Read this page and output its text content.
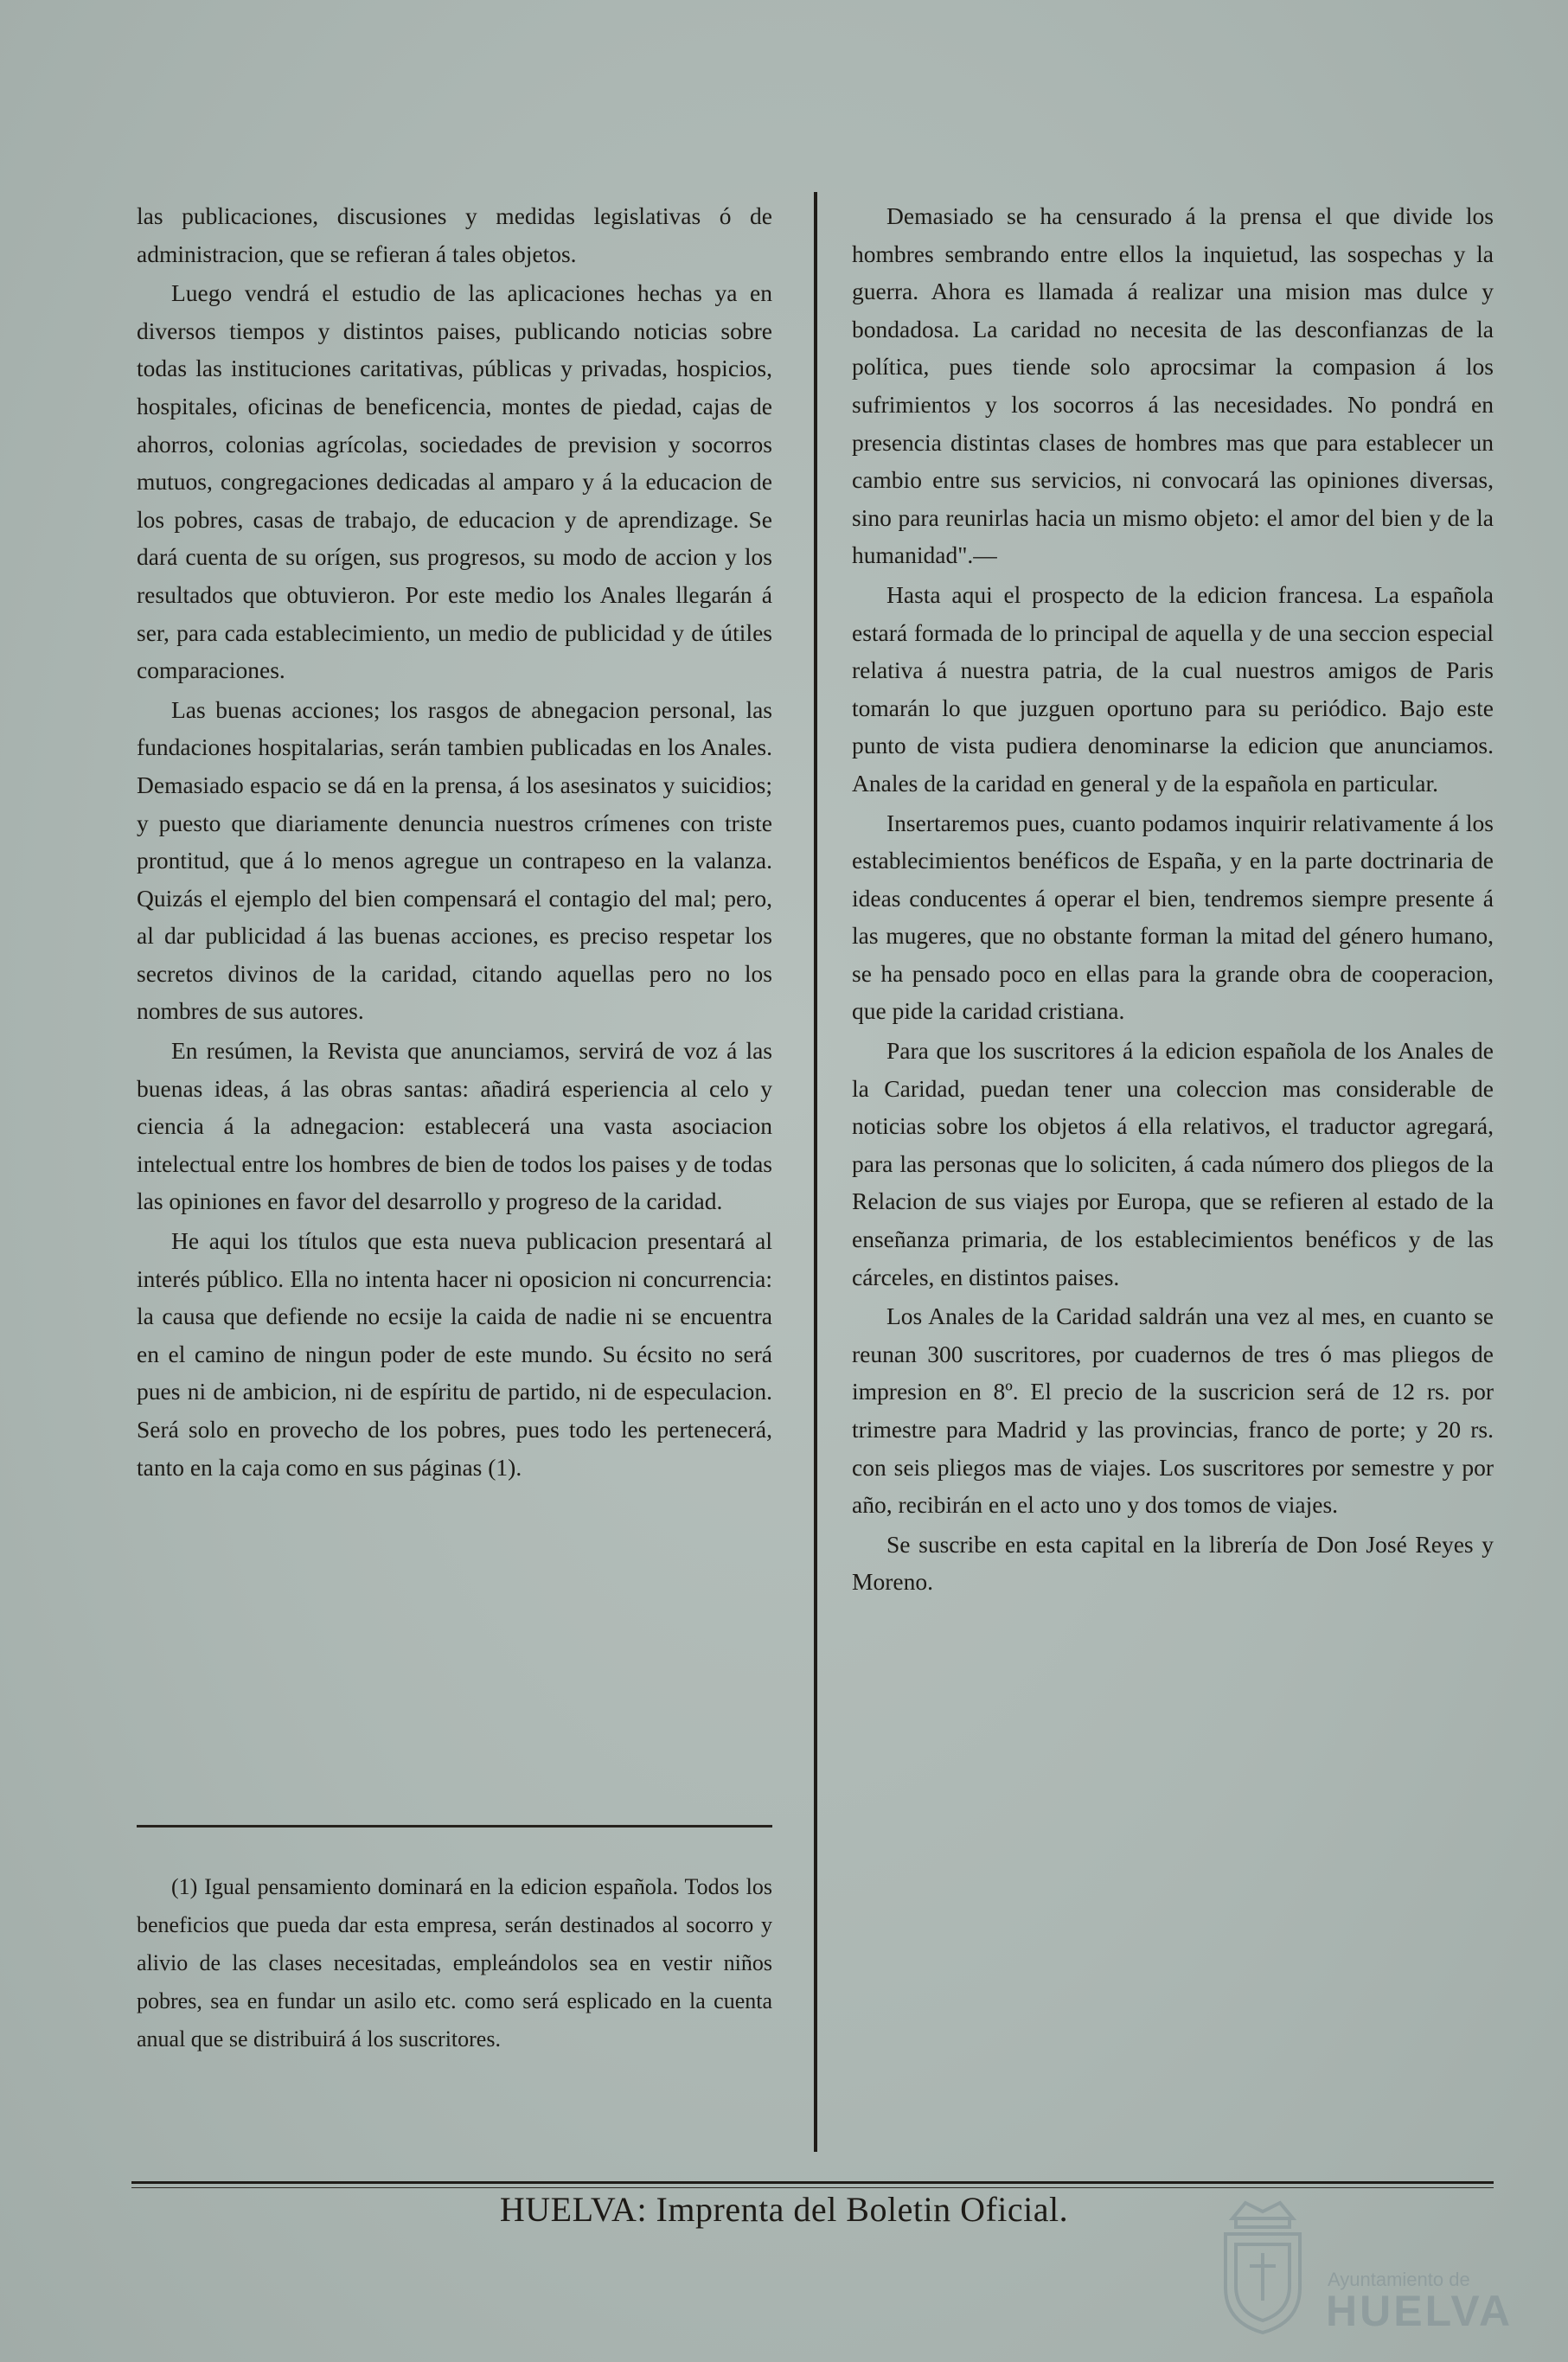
las publicaciones, discusiones y medidas legislativas ó de administracion, que se refieran á tales objetos.

Luego vendrá el estudio de las aplicaciones hechas ya en diversos tiempos y distintos paises, publicando noticias sobre todas las instituciones caritativas, públicas y privadas, hospicios, hospitales, oficinas de beneficencia, montes de piedad, cajas de ahorros, colonias agrícolas, sociedades de prevision y socorros mutuos, congregaciones dedicadas al amparo y á la educacion de los pobres, casas de trabajo, de educacion y de aprendizage. Se dará cuenta de su orígen, sus progresos, su modo de accion y los resultados que obtuvieron. Por este medio los Anales llegarán á ser, para cada establecimiento, un medio de publicidad y de útiles comparaciones.

Las buenas acciones; los rasgos de abnegacion personal, las fundaciones hospitalarias, serán tambien publicadas en los Anales. Demasiado espacio se dá en la prensa, á los asesinatos y suicidios; y puesto que diariamente denuncia nuestros crímenes con triste prontitud, que á lo menos agregue un contrapeso en la valanza. Quizás el ejemplo del bien compensará el contagio del mal; pero, al dar publicidad á las buenas acciones, es preciso respetar los secretos divinos de la caridad, citando aquellas pero no los nombres de sus autores.

En resúmen, la Revista que anunciamos, servirá de voz á las buenas ideas, á las obras santas: añadirá esperiencia al celo y ciencia á la adnegacion: establecerá una vasta asociacion intelectual entre los hombres de bien de todos los paises y de todas las opiniones en favor del desarrollo y progreso de la caridad.

He aqui los títulos que esta nueva publicacion presentará al interés público. Ella no intenta hacer ni oposicion ni concurrencia: la causa que defiende no ecsije la caida de nadie ni se encuentra en el camino de ningun poder de este mundo. Su écsito no será pues ni de ambicion, ni de espíritu de partido, ni de especulacion. Será solo en provecho de los pobres, pues todo les pertenecerá, tanto en la caja como en sus páginas (1).

(1) Igual pensamiento dominará en la edicion española. Todos los beneficios que pueda dar esta empresa, serán destinados al socorro y alivio de las clases necesitadas, empleándolos sea en vestir niños pobres, sea en fundar un asilo etc. como será esplicado en la cuenta anual que se distribuirá á los suscritores.

Demasiado se ha censurado á la prensa el que divide los hombres sembrando entre ellos la inquietud, las sospechas y la guerra. Ahora es llamada á realizar una mision mas dulce y bondadosa. La caridad no necesita de las desconfianzas de la política, pues tiende solo aprocsimar la compasion á los sufrimientos y los socorros á las necesidades. No pondrá en presencia distintas clases de hombres mas que para establecer un cambio entre sus servicios, ni convocará las opiniones diversas, sino para reunirlas hacia un mismo objeto: el amor del bien y de la humanidad".—

Hasta aqui el prospecto de la edicion francesa. La española estará formada de lo principal de aquella y de una seccion especial relativa á nuestra patria, de la cual nuestros amigos de Paris tomarán lo que juzguen oportuno para su periódico. Bajo este punto de vista pudiera denominarse la edicion que anunciamos. Anales de la caridad en general y de la española en particular.

Insertaremos pues, cuanto podamos inquirir relativamente á los establecimientos benéficos de España, y en la parte doctrinaria de ideas conducentes á operar el bien, tendremos siempre presente á las mugeres, que no obstante forman la mitad del género humano, se ha pensado poco en ellas para la grande obra de cooperacion, que pide la caridad cristiana.

Para que los suscritores á la edicion española de los Anales de la Caridad, puedan tener una coleccion mas considerable de noticias sobre los objetos á ella relativos, el traductor agregará, para las personas que lo soliciten, á cada número dos pliegos de la Relacion de sus viajes por Europa, que se refieren al estado de la enseñanza primaria, de los establecimientos benéficos y de las cárceles, en distintos paises.

Los Anales de la Caridad saldrán una vez al mes, en cuanto se reunan 300 suscritores, por cuadernos de tres ó mas pliegos de impresion en 8º. El precio de la suscricion será de 12 rs. por trimestre para Madrid y las provincias, franco de porte; y 20 rs. con seis pliegos mas de viajes. Los suscritores por semestre y por año, recibirán en el acto uno y dos tomos de viajes.

Se suscribe en esta capital en la librería de Don José Reyes y Moreno.

HUELVA: Imprenta del Boletin Oficial.
Ayuntamiento de
HUELVA
